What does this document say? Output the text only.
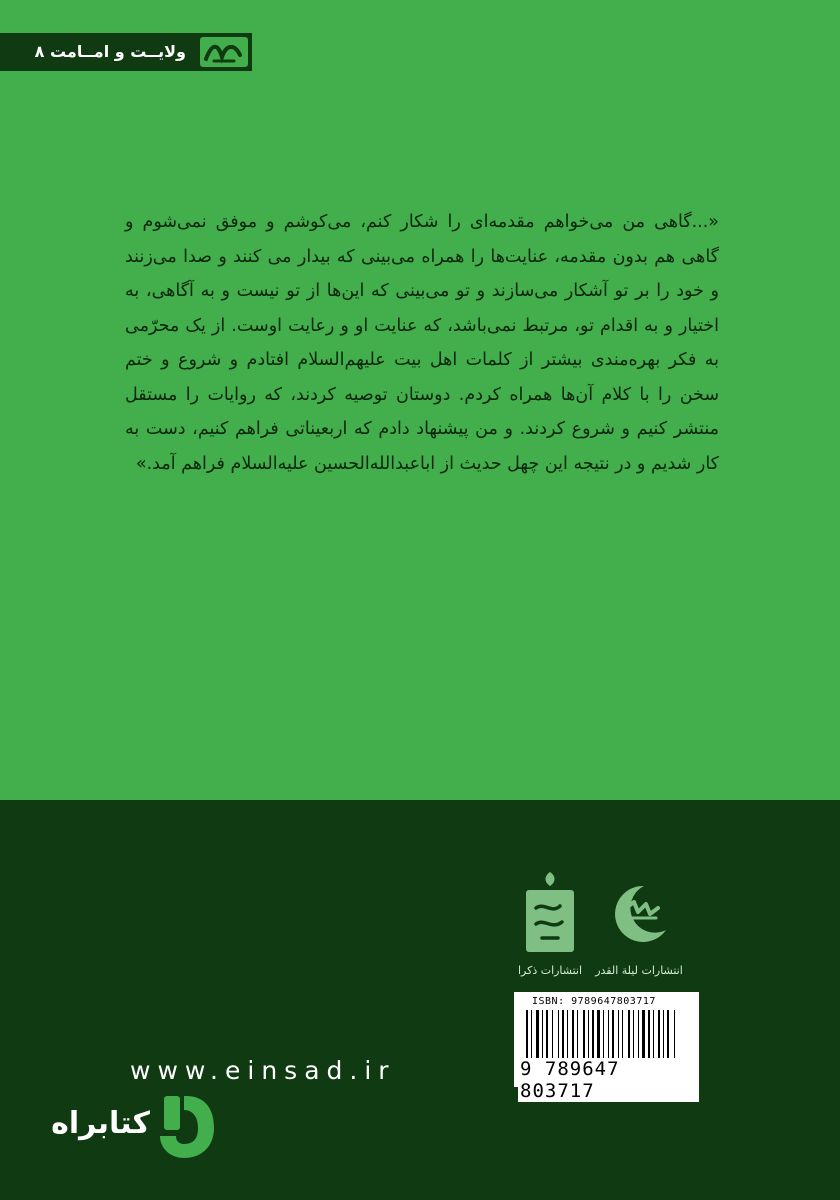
ولایــت و امــامت ۸
«...گاهی من می‌خواهم مقدمه‌ای را شکار کنم، می‌کوشم و موفق نمی‌شوم و گاهی هم بدون مقدمه، عنایت‌ها را همراه می‌بینی که بیدار می کنند و صدا می‌زنند و خود را بر تو آشکار می‌سازند و تو می‌بینی که این‌ها از تو نیست و به آگاهی، به اختیار و به اقدام تو، مرتبط نمی‌باشد، که عنایت او و رعایت اوست. از یک محرّمی به فکر بهره‌مندی بیشتر از کلمات اهل بیت علیهم‌السلام افتادم و شروع و ختم سخن را با کلام آن‌ها همراه کردم. دوستان توصیه کردند، که روایات را مستقل منتشر کنیم و شروع کردند. و من پیشنهاد دادم که اربعیناتی فراهم کنیم، دست به کار شدیم و در نتیجه این چهل حدیث از اباعبدالله‌الحسین علیه‌السلام فراهم آمد.»
انتشارات لیلة القدر
انتشارات ذکرا
ISBN: 9789647803717
9 789647 803717
www.einsad.ir
کتابراه
